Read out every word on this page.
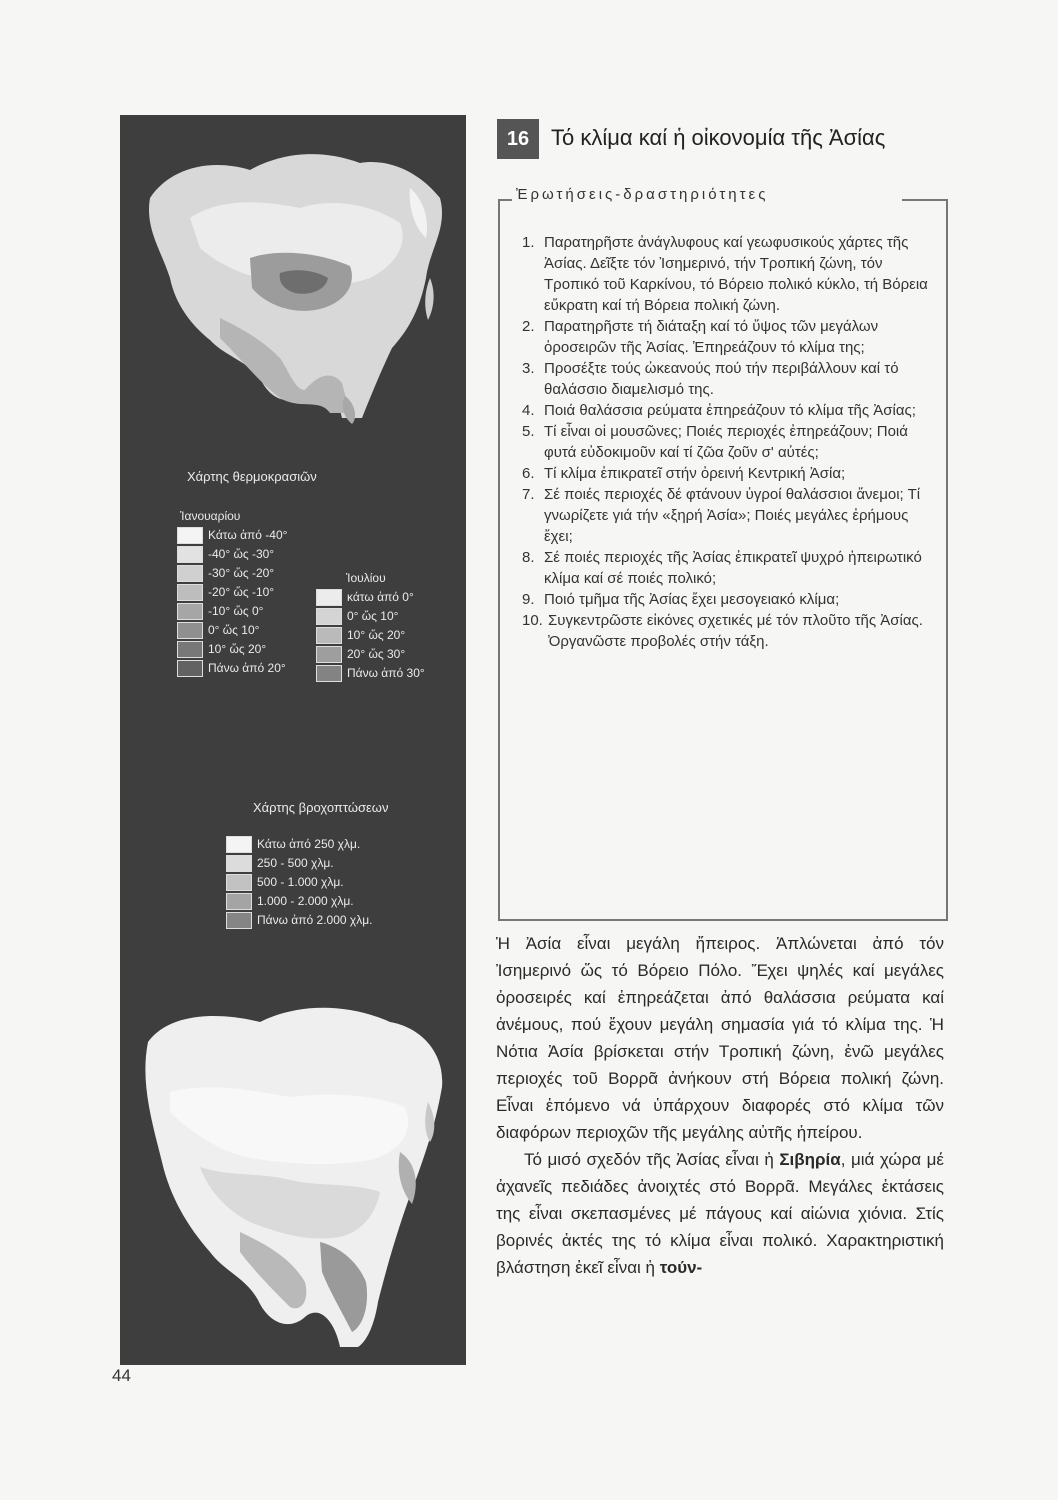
Χάρτης θερμοκρασιῶν
Ἰανουαρίου
Κάτω ἀπό -40°
-40° ὥς -30°
-30° ὥς -20°
-20° ὥς -10°
-10° ὥς 0°
0° ὥς 10°
10° ὥς 20°
Πάνω ἀπό 20°
Ἰουλίου
κάτω ἀπό 0°
0° ὥς 10°
10° ὥς 20°
20° ὥς 30°
Πάνω ἀπό 30°
Χάρτης βροχοπτώσεων
Κάτω ἀπό 250 χλμ.
250 - 500 χλμ.
500 - 1.000 χλμ.
1.000 - 2.000 χλμ.
Πάνω ἀπό 2.000 χλμ.
16 Τό κλίμα καί ἡ οἰκονομία τῆς Ἀσίας
Ἐρωτήσεις-δραστηριότητες
1. Παρατηρῆστε ἀνάγλυφους καί γεωφυσικούς χάρτες τῆς Ἀσίας. Δεῖξτε τόν Ἰσημερινό, τήν Τροπική ζώνη, τόν Τροπικό τοῦ Καρκίνου, τό Βόρειο πολικό κύκλο, τή Βόρεια εὔκρατη καί τή Βόρεια πολική ζώνη.
2. Παρατηρῆστε τή διάταξη καί τό ὕψος τῶν μεγάλων ὀροσειρῶν τῆς Ἀσίας. Ἐπηρεάζουν τό κλίμα της;
3. Προσέξτε τούς ὠκεανούς πού τήν περιβάλλουν καί τό θαλάσσιο διαμελισμό της.
4. Ποιά θαλάσσια ρεύματα ἐπηρεάζουν τό κλίμα τῆς Ἀσίας;
5. Τί εἶναι οἱ μουσῶνες; Ποιές περιοχές ἐπηρεάζουν; Ποιά φυτά εὐδοκιμοῦν καί τί ζῶα ζοῦν σ' αὐτές;
6. Τί κλίμα ἐπικρατεῖ στήν ὀρεινή Κεντρική Ἀσία;
7. Σέ ποιές περιοχές δέ φτάνουν ὑγροί θαλάσσιοι ἄνεμοι; Τί γνωρίζετε γιά τήν «ξηρή Ἀσία»; Ποιές μεγάλες ἐρήμους ἔχει;
8. Σέ ποιές περιοχές τῆς Ἀσίας ἐπικρατεῖ ψυχρό ἠπειρωτικό κλίμα καί σέ ποιές πολικό;
9. Ποιό τμῆμα τῆς Ἀσίας ἔχει μεσογειακό κλίμα;
10. Συγκεντρῶστε εἰκόνες σχετικές μέ τόν πλοῦτο τῆς Ἀσίας. Ὀργανῶστε προβολές στήν τάξη.

Ἡ Ἀσία εἶναι μεγάλη ἤπειρος. Ἁπλώνεται ἀπό τόν Ἰσημερινό ὥς τό Βόρειο Πόλο. Ἔχει ψηλές καί μεγάλες ὀροσειρές καί ἐπηρεάζεται ἀπό θαλάσσια ρεύματα καί ἀνέμους, πού ἔχουν μεγάλη σημασία γιά τό κλίμα της. Ἡ Νότια Ἀσία βρίσκεται στήν Τροπική ζώνη, ἐνῶ μεγάλες περιοχές τοῦ Βορρᾶ ἀνήκουν στή Βόρεια πολική ζώνη. Εἶναι ἑπόμενο νά ὑπάρχουν διαφορές στό κλίμα τῶν διαφόρων περιοχῶν τῆς μεγάλης αὐτῆς ἠπείρου.

Τό μισό σχεδόν τῆς Ἀσίας εἶναι ἡ Σιβηρία, μιά χώρα μέ ἀχανεῖς πεδιάδες ἀνοιχτές στό Βορρᾶ. Μεγάλες ἐκτάσεις της εἶναι σκεπασμένες μέ πάγους καί αἰώνια χιόνια. Στίς βορινές ἀκτές της τό κλίμα εἶναι πολικό. Χαρακτηριστική βλάστηση ἐκεῖ εἶναι ἡ τούν-

44
